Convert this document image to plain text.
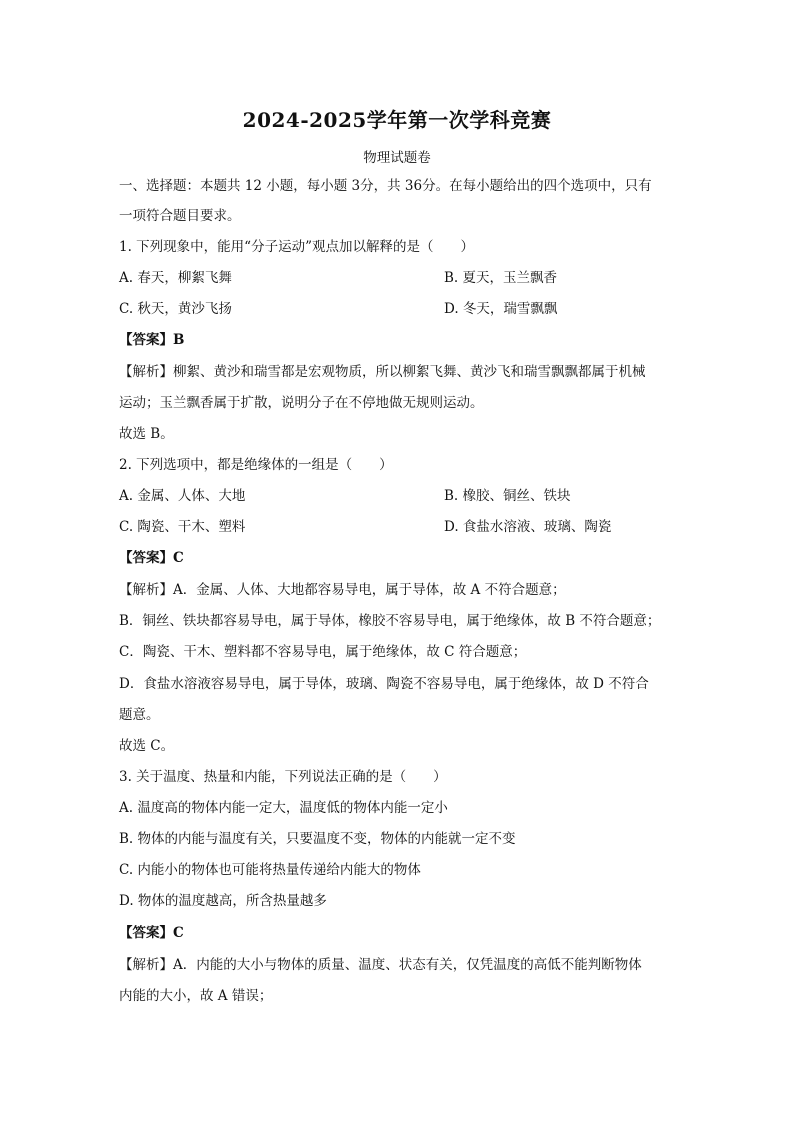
2024-2025学年第一次学科竞赛
物理试题卷
一、选择题：本题共 12 小题，每小题 3分，共 36分。在每小题给出的四个选项中，只有
一项符合题目要求。
1. 下列现象中，能用“分子运动”观点加以解释的是（　　）
A. 春天，柳絮飞舞	B. 夏天，玉兰飘香
C. 秋天，黄沙飞扬	D. 冬天，瑞雪飘飘
【答案】B
【解析】柳絮、黄沙和瑞雪都是宏观物质，所以柳絮飞舞、黄沙飞和瑞雪飘飘都属于机械
运动；玉兰飘香属于扩散，说明分子在不停地做无规则运动。
故选 B。
2. 下列选项中，都是绝缘体的一组是（　　）
A. 金属、人体、大地	B. 橡胶、铜丝、铁块
C. 陶瓷、干木、塑料	D. 食盐水溶液、玻璃、陶瓷
【答案】C
【解析】A．金属、人体、大地都容易导电，属于导体，故 A 不符合题意；
B．铜丝、铁块都容易导电，属于导体，橡胶不容易导电，属于绝缘体，故 B 不符合题意；
C．陶瓷、干木、塑料都不容易导电，属于绝缘体，故 C 符合题意；
D．食盐水溶液容易导电，属于导体，玻璃、陶瓷不容易导电，属于绝缘体，故 D 不符合
题意。
故选 C。
3. 关于温度、热量和内能，下列说法正确的是（　　）
A. 温度高的物体内能一定大，温度低的物体内能一定小
B. 物体的内能与温度有关，只要温度不变，物体的内能就一定不变
C. 内能小的物体也可能将热量传递给内能大的物体
D. 物体的温度越高，所含热量越多
【答案】C
【解析】A．内能的大小与物体的质量、温度、状态有关，仅凭温度的高低不能判断物体
内能的大小，故 A 错误；
